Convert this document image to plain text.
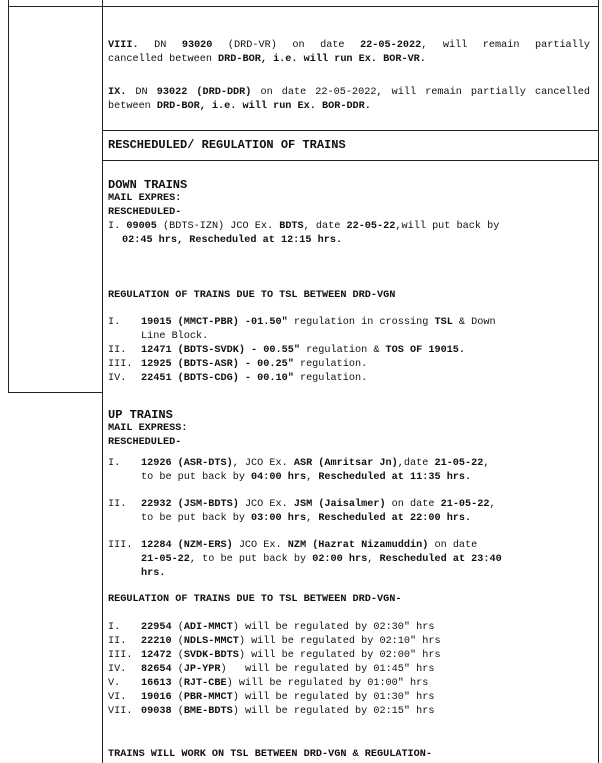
VIII. DN 93020 (DRD-VR) on date 22-05-2022, will remain partially
cancelled between DRD-BOR, i.e. will run Ex. BOR-VR.
IX. DN 93022 (DRD-DDR) on date 22-05-2022, will remain partially cancelled
between DRD-BOR, i.e. will run Ex. BOR-DDR.
RESCHEDULED/ REGULATION OF TRAINS
DOWN TRAINS
MAIL EXPRES:
RESCHEDULED-
I. 09005 (BDTS-IZN) JCO Ex. BDTS, date 22-05-22,will put back by
02:45 hrs, Rescheduled at 12:15 hrs.
REGULATION OF TRAINS DUE TO TSL BETWEEN DRD-VGN
I. 19015 (MMCT-PBR) -01.50" regulation in crossing TSL & Down
Line Block.
II. 12471 (BDTS-SVDK) - 00.55" regulation & TOS OF 19015.
III. 12925 (BDTS-ASR) - 00.25" regulation.
IV. 22451 (BDTS-CDG) - 00.10" regulation.
UP TRAINS
MAIL EXPRESS:
RESCHEDULED-
I. 12926 (ASR-DTS), JCO Ex. ASR (Amritsar Jn),date 21-05-22,
to be put back by 04:00 hrs, Rescheduled at 11:35 hrs.
II. 22932 (JSM-BDTS) JCO Ex. JSM (Jaisalmer) on date 21-05-22,
to be put back by 03:00 hrs, Rescheduled at 22:00 hrs.
III. 12284 (NZM-ERS) JCO Ex. NZM (Hazrat Nizamuddin) on date
21-05-22, to be put back by 02:00 hrs, Rescheduled at 23:40
hrs.
REGULATION OF TRAINS DUE TO TSL BETWEEN DRD-VGN-
I. 22954 (ADI-MMCT) will be regulated by 02:30" hrs
II. 22210 (NDLS-MMCT) will be regulated by 02:10" hrs
III. 12472 (SVDK-BDTS) will be regulated by 02:00" hrs
IV. 82654 (JP-YPR)   will be regulated by 01:45" hrs
V. 16613 (RJT-CBE) will be regulated by 01:00" hrs
VI. 19016 (PBR-MMCT) will be regulated by 01:30" hrs
VII. 09038 (BME-BDTS) will be regulated by 02:15" hrs
TRAINS WILL WORK ON TSL BETWEEN DRD-VGN & REGULATION-
